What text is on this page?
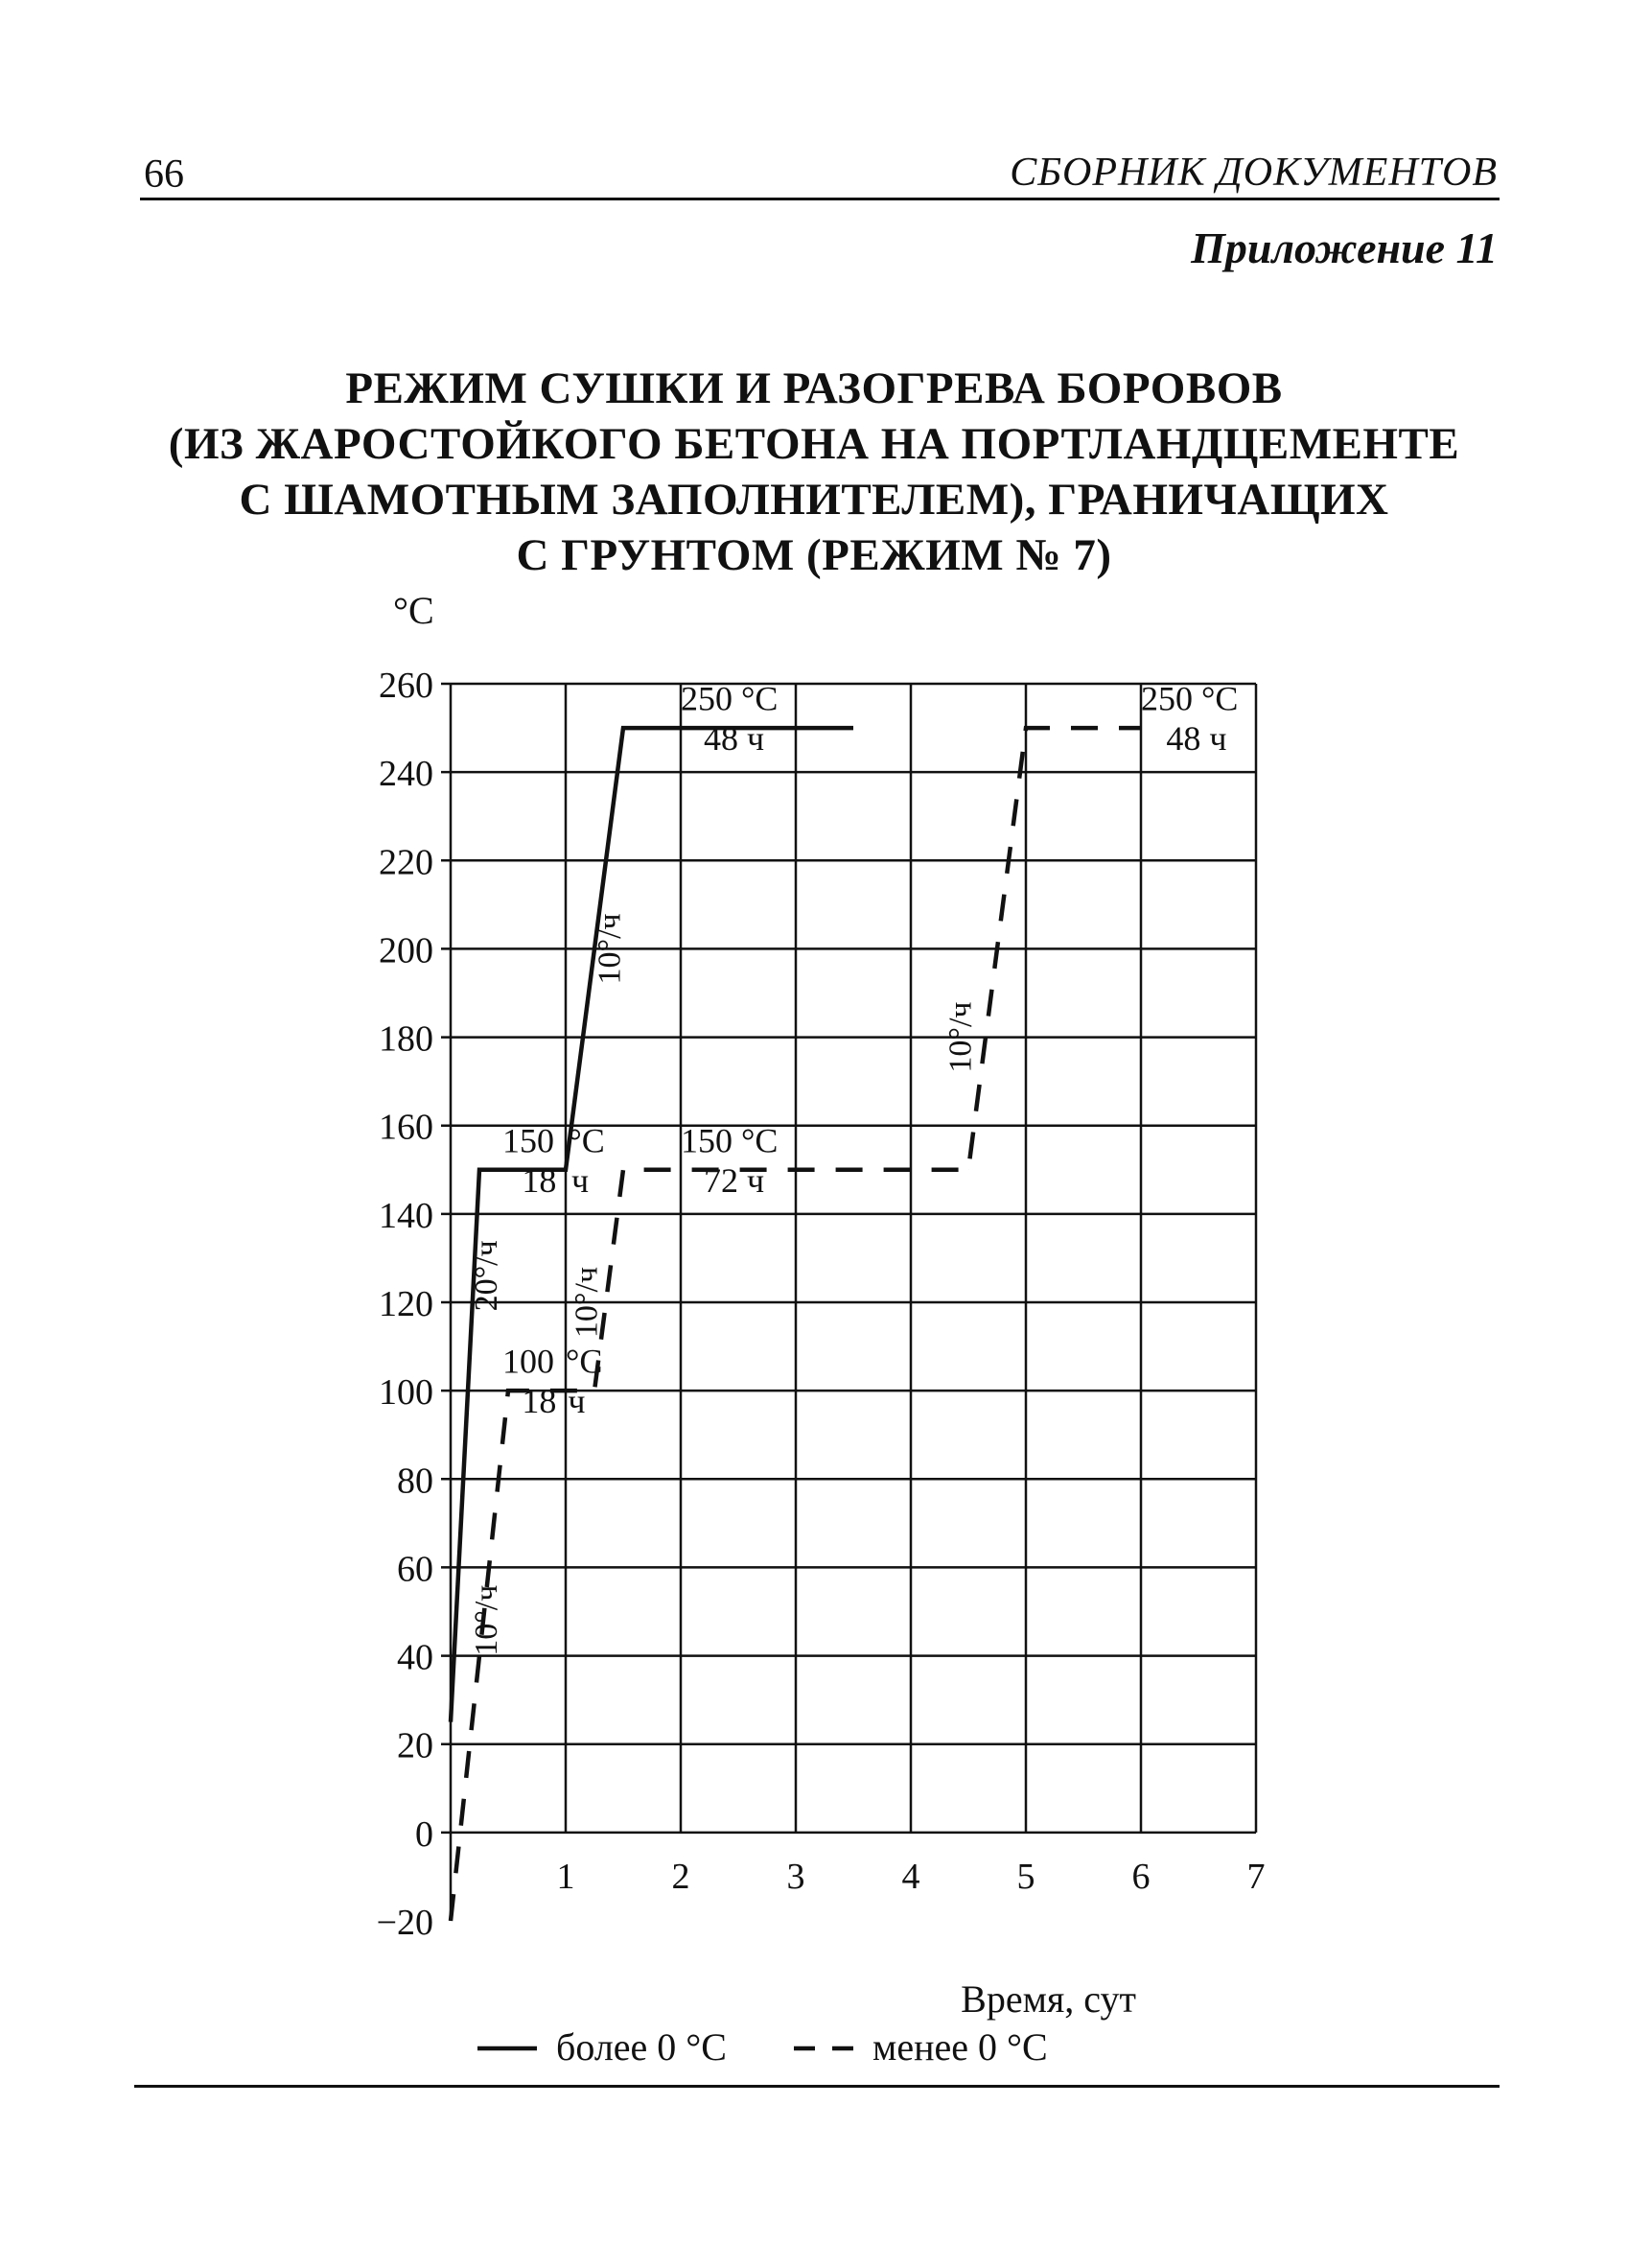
66	СБОРНИК ДОКУМЕНТОВ
Приложение 11
РЕЖИМ СУШКИ И РАЗОГРЕВА БОРОВОВ
(ИЗ ЖАРОСТОЙКОГО БЕТОНА НА ПОРТЛАНДЦЕМЕНТЕ
С ШАМОТНЫМ ЗАПОЛНИТЕЛЕМ), ГРАНИЧАЩИХ
С ГРУНТОМ (РЕЖИМ № 7)
260
240
220
200
180
160
140
120
100
80
60
40
20
0
−20
1	2	3	4	5	6	7
°C
Время, сут
250 °С
48 ч
250 °С
48 ч
150 °С
18 ч
150 °С
72 ч
100 °С
18 ч
10°/ч
20°/ч 10°/ч
10°/ч
10°/ч
более 0 °С	менее 0 °С
